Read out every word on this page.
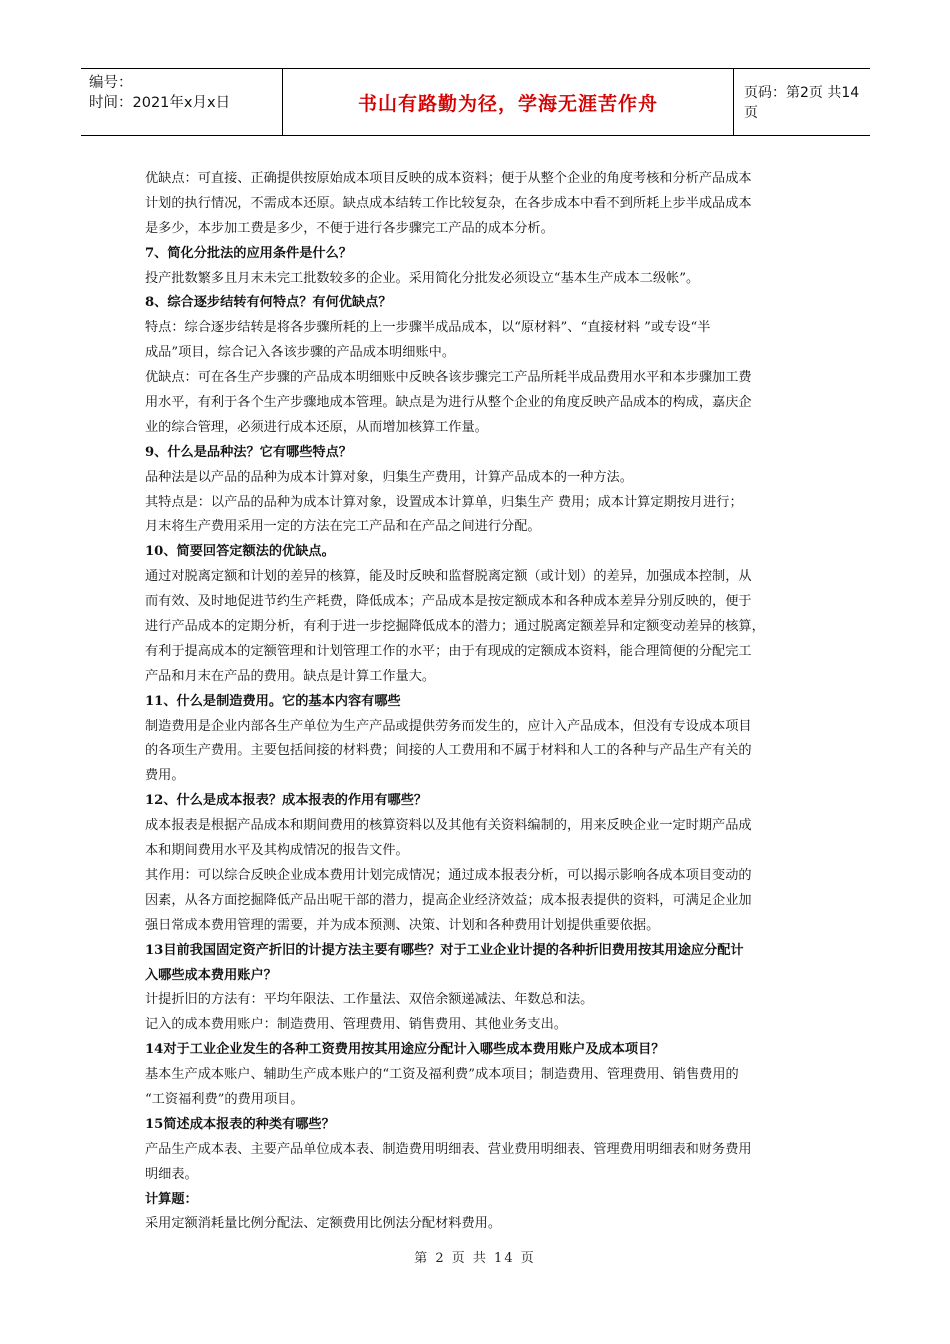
编号：
时间：2021年x月x日	书山有路勤为径，学海无涯苦作舟	页码：第2页 共14页
优缺点：可直接、正确提供按原始成本项目反映的成本资料；便于从整个企业的角度考核和分析产品成本
计划的执行情况，不需成本还原。缺点成本结转工作比较复杂，在各步成本中看不到所耗上步半成品成本
是多少，本步加工费是多少，不便于进行各步骤完工产品的成本分析。
7、简化分批法的应用条件是什么？
投产批数繁多且月末未完工批数较多的企业。采用简化分批发必须设立“基本生产成本二级帐”。
8、综合逐步结转有何特点？有何优缺点？
特点：综合逐步结转是将各步骤所耗的上一步骤半成品成本，以“原材料”、“直接材料 ”或专设“半
成品”项目，综合记入各该步骤的产品成本明细账中。
优缺点：可在各生产步骤的产品成本明细账中反映各该步骤完工产品所耗半成品费用水平和本步骤加工费
用水平，有利于各个生产步骤地成本管理。缺点是为进行从整个企业的角度反映产品成本的构成，嘉庆企
业的综合管理，必须进行成本还原，从而增加核算工作量。
9、什么是品种法？它有哪些特点？
品种法是以产品的品种为成本计算对象，归集生产费用，计算产品成本的一种方法。
其特点是：以产品的品种为成本计算对象，设置成本计算单，归集生产 费用；成本计算定期按月进行；
月末将生产费用采用一定的方法在完工产品和在产品之间进行分配。
10、简要回答定额法的优缺点。
通过对脱离定额和计划的差异的核算，能及时反映和监督脱离定额（或计划）的差异，加强成本控制，从
而有效、及时地促进节约生产耗费，降低成本；产品成本是按定额成本和各种成本差异分别反映的，便于
进行产品成本的定期分析，有利于进一步挖掘降低成本的潜力；通过脱离定额差异和定额变动差异的核算，
有利于提高成本的定额管理和计划管理工作的水平；由于有现成的定额成本资料，能合理简便的分配完工
产品和月末在产品的费用。缺点是计算工作量大。
11、什么是制造费用。它的基本内容有哪些
制造费用是企业内部各生产单位为生产产品或提供劳务而发生的，应计入产品成本，但没有专设成本项目
的各项生产费用。主要包括间接的材料费；间接的人工费用和不属于材料和人工的各种与产品生产有关的
费用。
12、什么是成本报表？成本报表的作用有哪些？
成本报表是根据产品成本和期间费用的核算资料以及其他有关资料编制的，用来反映企业一定时期产品成
本和期间费用水平及其构成情况的报告文件。
其作用：可以综合反映企业成本费用计划完成情况；通过成本报表分析，可以揭示影响各成本项目变动的
因素，从各方面挖掘降低产品出呢干部的潜力，提高企业经济效益；成本报表提供的资料，可满足企业加
强日常成本费用管理的需要，并为成本预测、决策、计划和各种费用计划提供重要依据。
13目前我国固定资产折旧的计提方法主要有哪些？对于工业企业计提的各种折旧费用按其用途应分配计
入哪些成本费用账户？
计提折旧的方法有：平均年限法、工作量法、双倍余额递减法、年数总和法。
记入的成本费用账户：制造费用、管理费用、销售费用、其他业务支出。
14对于工业企业发生的各种工资费用按其用途应分配计入哪些成本费用账户及成本项目？
基本生产成本账户、辅助生产成本账户的“工资及福利费”成本项目；制造费用、管理费用、销售费用的
“工资福利费”的费用项目。
15简述成本报表的种类有哪些？
产品生产成本表、主要产品单位成本表、制造费用明细表、营业费用明细表、管理费用明细表和财务费用
明细表。
计算题：
采用定额消耗量比例分配法、定额费用比例法分配材料费用。
第 2 页 共 14 页
